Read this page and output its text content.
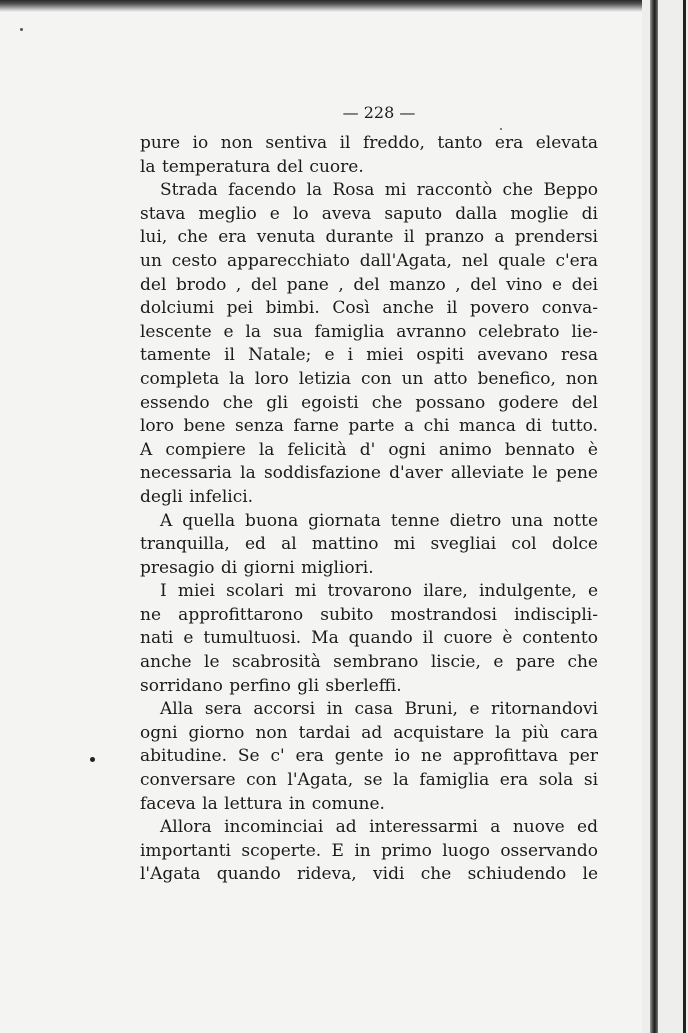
— 228 —
pure io non sentiva il freddo, tanto era elevata
la temperatura del cuore.
Strada facendo la Rosa mi raccontò che Beppo
stava meglio e lo aveva saputo dalla moglie di
lui, che era venuta durante il pranzo a prendersi
un cesto apparecchiato dall'Agata, nel quale c'era
del brodo , del pane , del manzo , del vino e dei
dolciumi pei bimbi. Così anche il povero conva-
lescente e la sua famiglia avranno celebrato lie-
tamente il Natale; e i miei ospiti avevano resa
completa la loro letizia con un atto benefico, non
essendo che gli egoisti che possano godere del
loro bene senza farne parte a chi manca di tutto.
A compiere la felicità d' ogni animo bennato è
necessaria la soddisfazione d'aver alleviate le pene
degli infelici.
A quella buona giornata tenne dietro una notte
tranquilla, ed al mattino mi svegliai col dolce
presagio di giorni migliori.
I miei scolari mi trovarono ilare, indulgente, e
ne approfittarono subito mostrandosi indiscipli-
nati e tumultuosi. Ma quando il cuore è contento
anche le scabrosità sembrano liscie, e pare che
sorridano perfino gli sberleffi.
Alla sera accorsi in casa Bruni, e ritornandovi
ogni giorno non tardai ad acquistare la più cara
abitudine. Se c' era gente io ne approfittava per
conversare con l'Agata, se la famiglia era sola si
faceva la lettura in comune.
Allora incominciai ad interessarmi a nuove ed
importanti scoperte. E in primo luogo osservando
l'Agata quando rideva, vidi che schiudendo le
